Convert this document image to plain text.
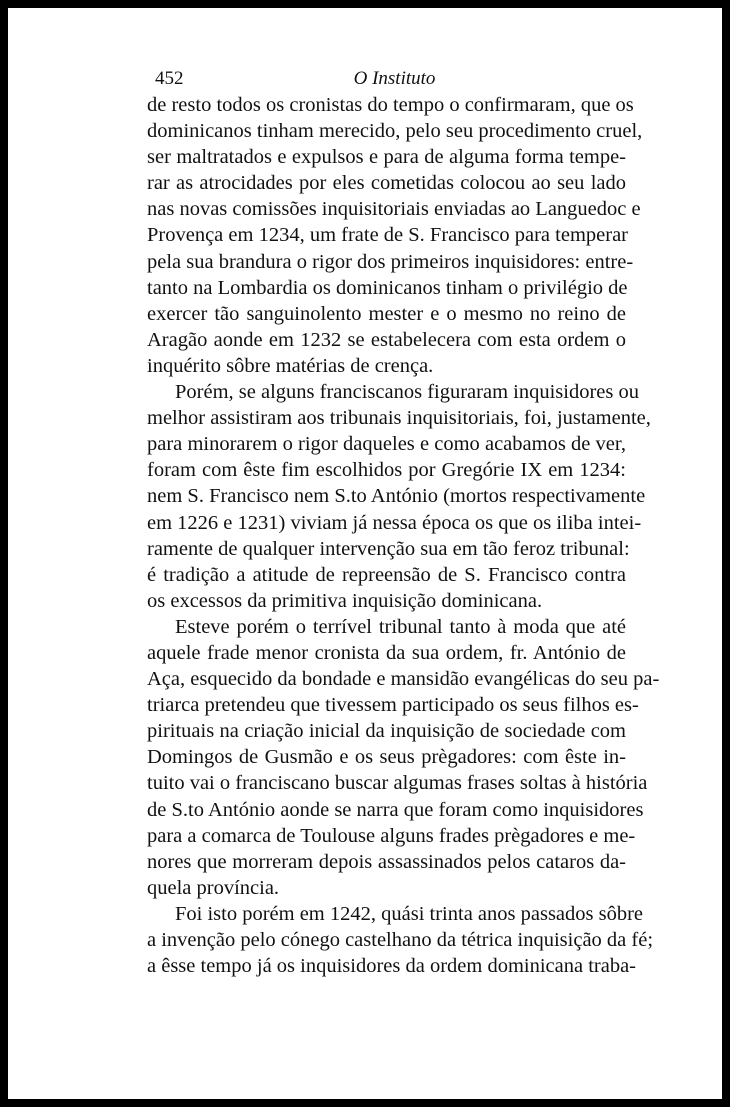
452	O Instituto
de resto todos os cronistas do tempo o confirmaram, que os
dominicanos tinham merecido, pelo seu procedimento cruel,
ser maltratados e expulsos e para de alguma forma tempe-
rar as atrocidades por eles cometidas colocou ao seu lado
nas novas comissões inquisitoriais enviadas ao Languedoc e
Provença em 1234, um frate de S. Francisco para temperar
pela sua brandura o rigor dos primeiros inquisidores: entre-
tanto na Lombardia os dominicanos tinham o privilégio de
exercer tão sanguinolento mester e o mesmo no reino de
Aragão aonde em 1232 se estabelecera com esta ordem o
inquérito sôbre matérias de crença.
Porém, se alguns franciscanos figuraram inquisidores ou
melhor assistiram aos tribunais inquisitoriais, foi, justamente,
para minorarem o rigor daqueles e como acabamos de ver,
foram com êste fim escolhidos por Gregórie IX em 1234:
nem S. Francisco nem S.to António (mortos respectivamente
em 1226 e 1231) viviam já nessa época os que os iliba intei-
ramente de qualquer intervenção sua em tão feroz tribunal:
é tradição a atitude de repreensão de S. Francisco contra
os excessos da primitiva inquisição dominicana.
Esteve porém o terrível tribunal tanto à moda que até
aquele frade menor cronista da sua ordem, fr. António de
Aça, esquecido da bondade e mansidão evangélicas do seu pa-
triarca pretendeu que tivessem participado os seus filhos es-
pirituais na criação inicial da inquisição de sociedade com
Domingos de Gusmão e os seus prègadores: com êste in-
tuito vai o franciscano buscar algumas frases soltas à história
de S.to António aonde se narra que foram como inquisidores
para a comarca de Toulouse alguns frades prègadores e me-
nores que morreram depois assassinados pelos cataros da-
quela província.
Foi isto porém em 1242, quási trinta anos passados sôbre
a invenção pelo cónego castelhano da tétrica inquisição da fé;
a êsse tempo já os inquisidores da ordem dominicana traba-
